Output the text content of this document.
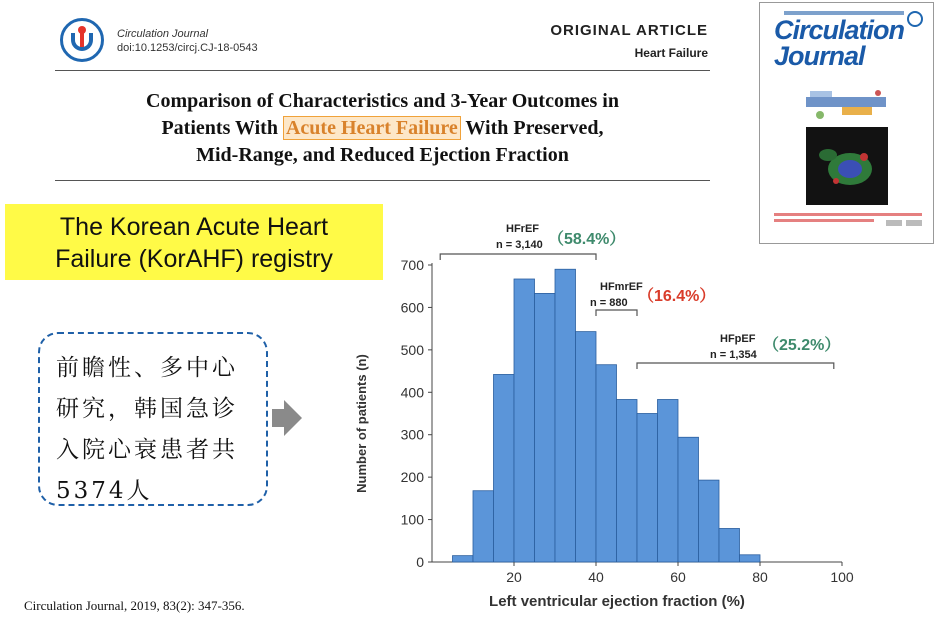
Circulation Journal
doi:10.1253/circj.CJ-18-0543
ORIGINAL ARTICLE
Heart Failure
Comparison of Characteristics and 3-Year Outcomes in
Patients With Acute Heart Failure With Preserved,
Mid-Range, and Reduced Ejection Fraction
Circulation
Journal
The Korean Acute Heart
Failure (KorAHF) registry
前瞻性、多中心
研究，韩国急诊
入院心衰患者共
5374人
Circulation Journal, 2019, 83(2): 347-356.
0
100
200
300
400
500
600
700
20	40	60	80	100
Left ventricular ejection fraction (%)
Number of patients (n)
HFrEF
n = 3,140 （58.4%）
HFmrEF
n = 880 （16.4%）
HFpEF
n = 1,354
（25.2%）
